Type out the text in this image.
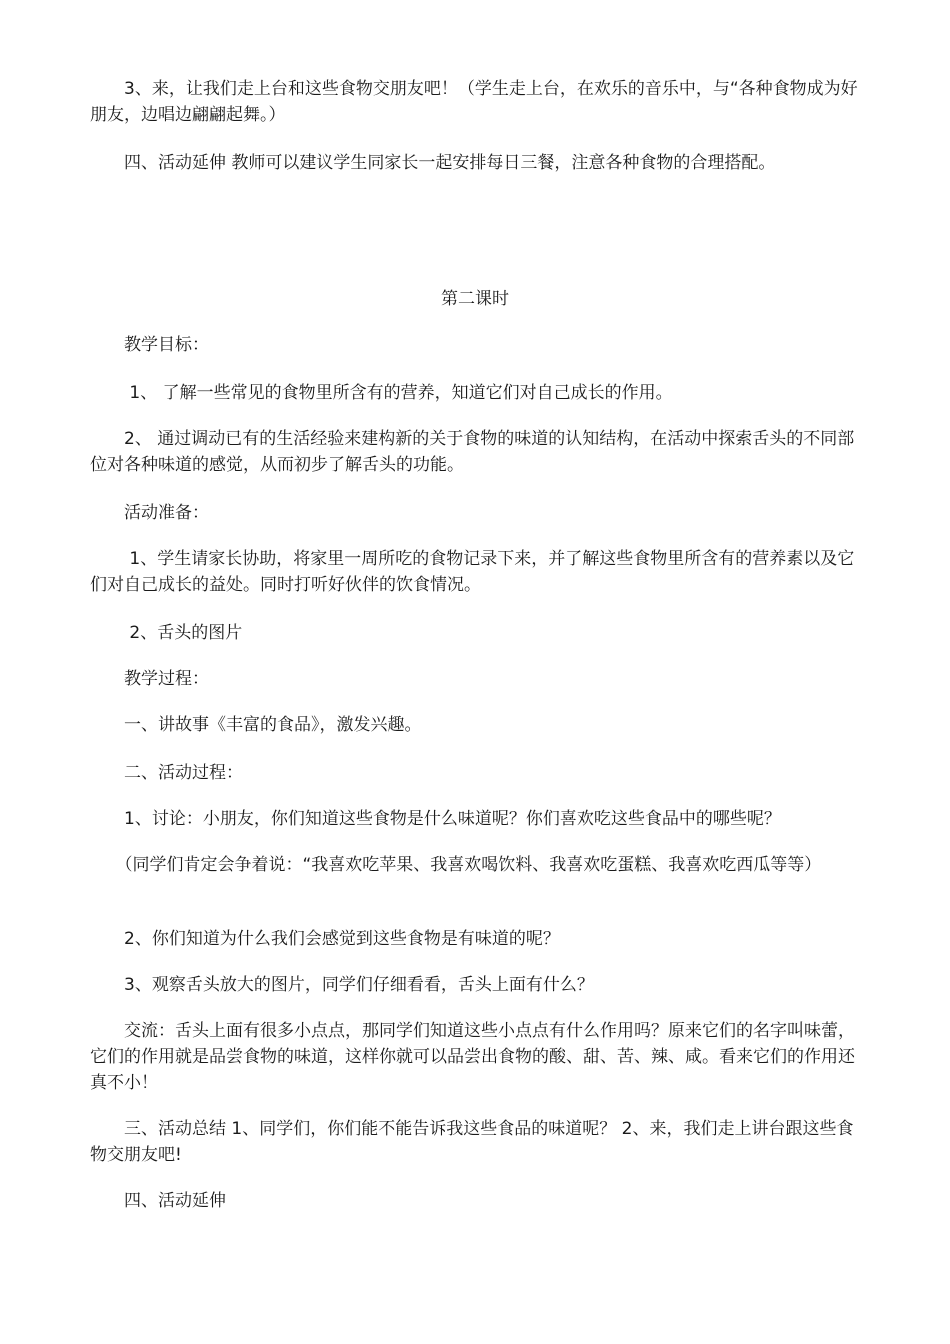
　　3、来，让我们走上台和这些食物交朋友吧！（学生走上台，在欢乐的音乐中，与“各种食物成为好朋友，边唱边翩翩起舞。）

　　四、活动延伸 教师可以建议学生同家长一起安排每日三餐，注意各种食物的合理搭配。

第二课时

　　教学目标：

　　 1、 了解一些常见的食物里所含有的营养，知道它们对自己成长的作用。

　　2、 通过调动已有的生活经验来建构新的关于食物的味道的认知结构，在活动中探索舌头的不同部位对各种味道的感觉，从而初步了解舌头的功能。

　　活动准备：

　　 1、学生请家长协助，将家里一周所吃的食物记录下来，并了解这些食物里所含有的营养素以及它们对自己成长的益处。同时打听好伙伴的饮食情况。

　　 2、舌头的图片

　　教学过程：

　　一、讲故事《丰富的食品》，激发兴趣。

　　二、活动过程：

　　1、讨论：小朋友，你们知道这些食物是什么味道呢？你们喜欢吃这些食品中的哪些呢？

　　（同学们肯定会争着说：“我喜欢吃苹果、我喜欢喝饮料、我喜欢吃蛋糕、我喜欢吃西瓜等等）

　　2、你们知道为什么我们会感觉到这些食物是有味道的呢？

　　3、观察舌头放大的图片，同学们仔细看看，舌头上面有什么？

　　交流：舌头上面有很多小点点，那同学们知道这些小点点有什么作用吗？原来它们的名字叫味蕾，它们的作用就是品尝食物的味道，这样你就可以品尝出食物的酸、甜、苦、辣、咸。看来它们的作用还真不小！

　　三、活动总结 1、同学们，你们能不能告诉我这些食品的味道呢？ 2、来，我们走上讲台跟这些食物交朋友吧!

　　四、活动延伸
